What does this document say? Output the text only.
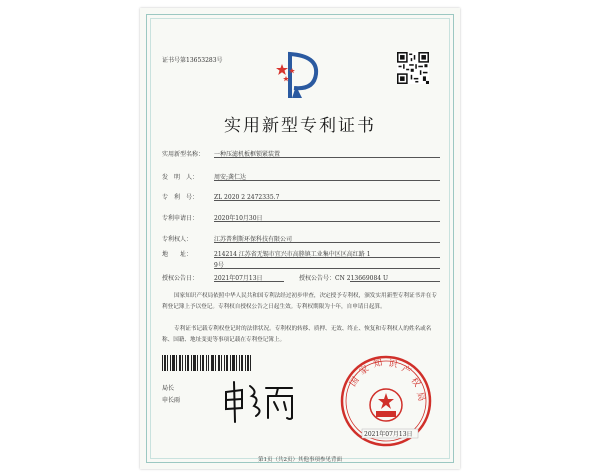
证书号第13653283号
实用新型专利证书
实用新型名称： 一种压滤机板框锁紧装置
发　明　人：	周安;龚仁达
专　利　号：	ZL 2020 2 2472335.7
专利申请日：	2020年10月30日
专利权人：	江苏普利斯环保科技有限公司
地　　址：	214214 江苏省无锡市宜兴市高塍镇工业集中区区高红路 1
9号
授权公告日：	2021年07月13日	授权公告号：CN 213669084 U
国家知识产权局依照中华人民共和国专利法经过初步审查，决定授予专利权，颁发实用新型专利证书并在专利登记簿上予以登记。专利权自授权公告之日起生效。专利权期限为十年，自申请日起算。
专利证书记载专利权登记时的法律状况。专利权的转移、质押、无效、终止、恢复和专利权人的姓名或名称、国籍、地址变更等事项记载在专利登记簿上。
局长
申长雨
国
家 知 识 产
权
局
2021年07月13日
第1页（共2页）其他事项参见背面
